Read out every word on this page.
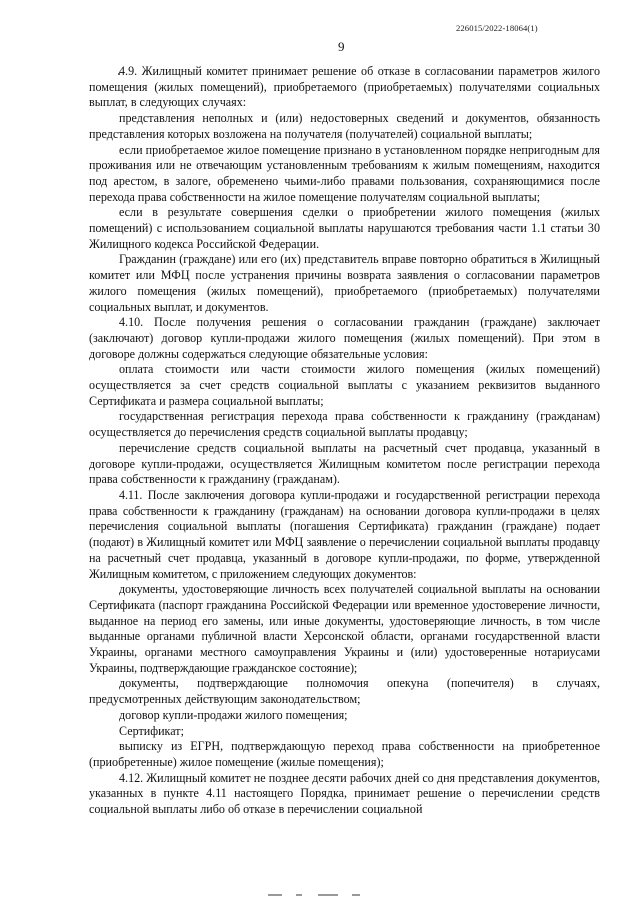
226015/2022-18064(1)
9

4.9. Жилищный комитет принимает решение об отказе в согласовании параметров жилого помещения (жилых помещений), приобретаемого (приобретаемых) получателями социальных выплат, в следующих случаях:

представления неполных и (или) недостоверных сведений и документов, обязанность представления которых возложена на получателя (получателей) социальной выплаты;

если приобретаемое жилое помещение признано в установленном порядке непригодным для проживания или не отвечающим установленным требованиям к жилым помещениям, находится под арестом, в залоге, обременено чьими-либо правами пользования, сохраняющимися после перехода права собственности на жилое помещение получателям социальной выплаты;

если в результате совершения сделки о приобретении жилого помещения (жилых помещений) с использованием социальной выплаты нарушаются требования части 1.1 статьи 30 Жилищного кодекса Российской Федерации.

Гражданин (граждане) или его (их) представитель вправе повторно обратиться в Жилищный комитет или МФЦ после устранения причины возврата заявления о согласовании параметров жилого помещения (жилых помещений), приобретаемого (приобретаемых) получателями социальных выплат, и документов.

4.10. После получения решения о согласовании гражданин (граждане) заключает (заключают) договор купли-продажи жилого помещения (жилых помещений). При этом в договоре должны содержаться следующие обязательные условия:

оплата стоимости или части стоимости жилого помещения (жилых помещений) осуществляется за счет средств социальной выплаты с указанием реквизитов выданного Сертификата и размера социальной выплаты;

государственная регистрация перехода права собственности к гражданину (гражданам) осуществляется до перечисления средств социальной выплаты продавцу;

перечисление средств социальной выплаты на расчетный счет продавца, указанный в договоре купли-продажи, осуществляется Жилищным комитетом после регистрации перехода права собственности к гражданину (гражданам).

4.11. После заключения договора купли-продажи и государственной регистрации перехода права собственности к гражданину (гражданам) на основании договора купли-продажи в целях перечисления социальной выплаты (погашения Сертификата) гражданин (граждане) подает (подают) в Жилищный комитет или МФЦ заявление о перечислении социальной выплаты продавцу на расчетный счет продавца, указанный в договоре купли-продажи, по форме, утвержденной Жилищным комитетом, с приложением следующих документов:

документы, удостоверяющие личность всех получателей социальной выплаты на основании Сертификата (паспорт гражданина Российской Федерации или временное удостоверение личности, выданное на период его замены, или иные документы, удостоверяющие личность, в том числе выданные органами публичной власти Херсонской области, органами государственной власти Украины, органами местного самоуправления Украины и (или) удостоверенные нотариусами Украины, подтверждающие гражданское состояние);

документы, подтверждающие полномочия опекуна (попечителя) в случаях, предусмотренных действующим законодательством;

договор купли-продажи жилого помещения;

Сертификат;

выписку из ЕГРН, подтверждающую переход права собственности на приобретенное (приобретенные) жилое помещение (жилые помещения);

4.12. Жилищный комитет не позднее десяти рабочих дней со дня представления документов, указанных в пункте 4.11 настоящего Порядка, принимает решение о перечислении средств социальной выплаты либо об отказе в перечислении социальной
